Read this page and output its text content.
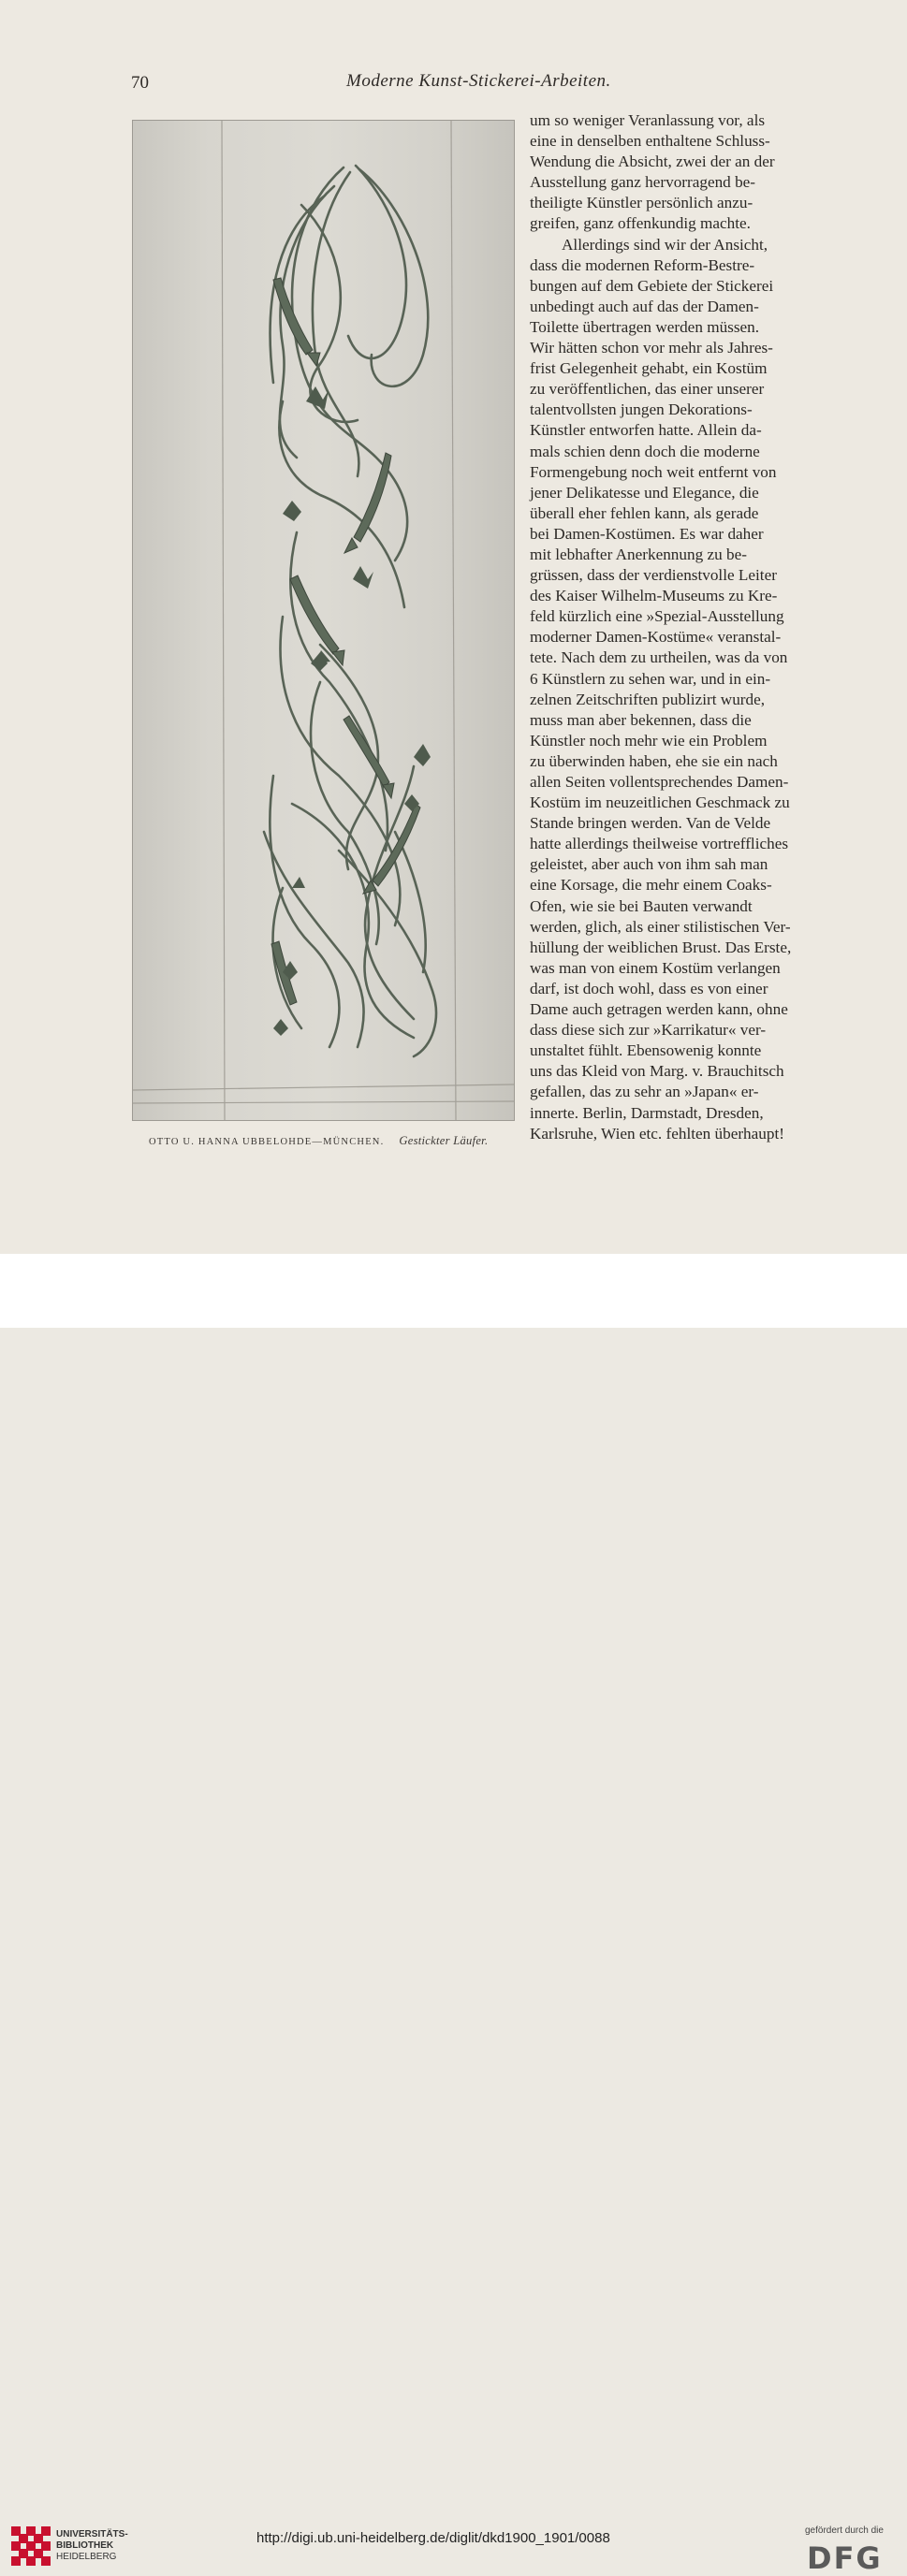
70	Moderne Kunst-Stickerei-Arbeiten.
OTTO U. HANNA UBBELOHDE—MÜNCHEN. Gestickter Läufer.
um so weniger Veranlassung vor, als
eine in denselben enthaltene Schluss-
Wendung die Absicht, zwei der an der
Ausstellung ganz hervorragend be-
theiligte Künstler persönlich anzu-
greifen, ganz offenkundig machte.
Allerdings sind wir der Ansicht,
dass die modernen Reform-Bestre-
bungen auf dem Gebiete der Stickerei
unbedingt auch auf das der Damen-
Toilette übertragen werden müssen.
Wir hätten schon vor mehr als Jahres-
frist Gelegenheit gehabt, ein Kostüm
zu veröffentlichen, das einer unserer
talentvollsten jungen Dekorations-
Künstler entworfen hatte. Allein da-
mals schien denn doch die moderne
Formengebung noch weit entfernt von
jener Delikatesse und Elegance, die
überall eher fehlen kann, als gerade
bei Damen-Kostümen. Es war daher
mit lebhafter Anerkennung zu be-
grüssen, dass der verdienstvolle Leiter
des Kaiser Wilhelm-Museums zu Kre-
feld kürzlich eine »Spezial-Ausstellung
moderner Damen-Kostüme« veranstal-
tete. Nach dem zu urtheilen, was da von
6 Künstlern zu sehen war, und in ein-
zelnen Zeitschriften publizirt wurde,
muss man aber bekennen, dass die
Künstler noch mehr wie ein Problem
zu überwinden haben, ehe sie ein nach
allen Seiten vollentsprechendes Damen-
Kostüm im neuzeitlichen Geschmack zu
Stande bringen werden. Van de Velde
hatte allerdings theilweise vortreffliches
geleistet, aber auch von ihm sah man
eine Korsage, die mehr einem Coaks-
Ofen, wie sie bei Bauten verwandt
werden, glich, als einer stilistischen Ver-
hüllung der weiblichen Brust. Das Erste,
was man von einem Kostüm verlangen
darf, ist doch wohl, dass es von einer
Dame auch getragen werden kann, ohne
dass diese sich zur »Karrikatur« ver-
unstaltet fühlt. Ebensowenig konnte
uns das Kleid von Marg. v. Brauchitsch
gefallen, das zu sehr an »Japan« er-
innerte. Berlin, Darmstadt, Dresden,
Karlsruhe, Wien etc. fehlten überhaupt!
UNIVERSITÄTS-
BIBLIOTHEK
HEIDELBERG
http://digi.ub.uni-heidelberg.de/diglit/dkd1900_1901/0088	gefördert durch die
DFG
